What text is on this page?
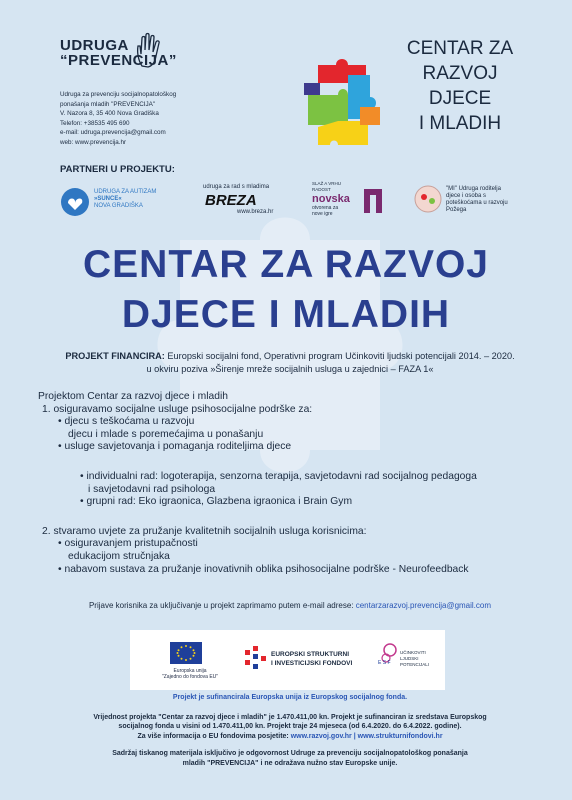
UDRUGA
“PREVENCIJA”
Udruga za prevenciju socijalnopatološkog
ponašanja mladih "PREVENCIJA"
V. Nazora 8, 35 400 Nova Gradiška
Telefon: +38535 495 690
e-mail: udruga.prevencija@gmail.com
web: www.prevencija.hr
CENTAR ZA
RAZVOJ
DJECE
I MLADIH
PARTNERI U PROJEKTU:
UDRUGA ZA AUTIZAM
»SUNCE«
NOVA GRADIŠKA
udruga za rad s mladima
BREZA
www.breza.hr
SLAŽ A VRHU
RADOST
novska
otvorena za
nove igre
"MI" Udruga roditelja
djece i osoba s
poteškoćama u razvoju
Požega
CENTAR ZA RAZVOJ
DJECE I MLADIH
PROJEKT FINANCIRA: Europski socijalni fond, Operativni program Učinkoviti ljudski potencijali 2014. – 2020.
u okviru poziva »Širenje mreže socijalnih usluga u zajednici – FAZA 1«
Projektom Centar za razvoj djece i mladih
1. osiguravamo socijalne usluge psihosocijalne podrške za:
• djecu s teškoćama u razvoju
djecu i mlade s poremećajima u ponašanju
• usluge savjetovanja i pomaganja roditeljima djece
• individualni rad: logoterapija, senzorna terapija, savjetodavni rad socijalnog pedagoga
i savjetodavni rad psihologa
• grupni rad: Eko igraonica, Glazbena igraonica i Brain Gym
2. stvaramo uvjete za pružanje kvalitetnih socijalnih usluga korisnicima:
• osiguravanjem pristupačnosti
edukacijom stručnjaka
• nabavom sustava za pružanje inovativnih oblika psihosocijalne podrške - Neurofeedback
Prijave korisnika za uključivanje u projekt zaprimamo putem e-mail adrese: centarzarazvoj.prevencija@gmail.com
Europska unija
"Zajedno do fondova EU"
EUROPSKI STRUKTURNI
I INVESTICIJSKI FONDOVI	E S F
UČINKOVITI
LJUDSKI
POTENCIJALI
Projekt je sufinancirala Europska unija iz Europskog socijalnog fonda.
Vrijednost projekta "Centar za razvoj djece i mladih" je 1.470.411,00 kn. Projekt je sufinanciran iz sredstava Europskog
socijalnog fonda u visini od 1.470.411,00 kn. Projekt traje 24 mjeseca (od 6.4.2020. do 6.4.2022. godine).
Za više informacija o EU fondovima posjetite: www.razvoj.gov.hr | www.strukturnifondovi.hr
Sadržaj tiskanog materijala isključivo je odgovornost Udruge za prevenciju socijalnopatološkog ponašanja
mladih "PREVENCIJA" i ne odražava nužno stav Europske unije.
